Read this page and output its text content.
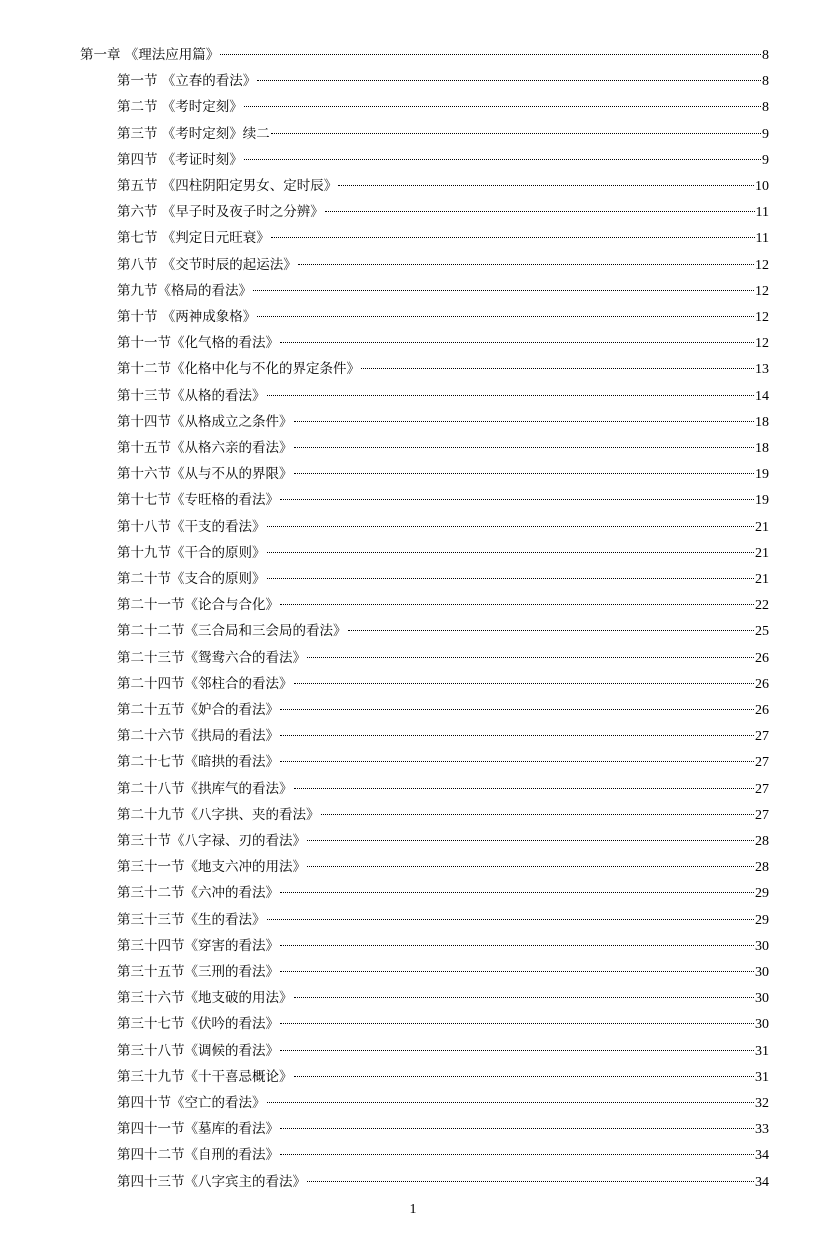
第一章 《理法应用篇》	8
第一节 《立春的看法》	8
第二节 《考时定刻》	8
第三节 《考时定刻》续二	9
第四节 《考证时刻》	9
第五节 《四柱阴阳定男女、定时辰》	10
第六节 《早子时及夜子时之分辨》	11
第七节 《判定日元旺衰》	11
第八节 《交节时辰的起运法》	12
第九节《格局的看法》	12
第十节 《两神成象格》	12
第十一节《化气格的看法》	12
第十二节《化格中化与不化的界定条件》	13
第十三节《从格的看法》	14
第十四节《从格成立之条件》	18
第十五节《从格六亲的看法》	18
第十六节《从与不从的界限》	19
第十七节《专旺格的看法》	19
第十八节《干支的看法》	21
第十九节《干合的原则》	21
第二十节《支合的原则》	21
第二十一节《论合与合化》	22
第二十二节《三合局和三会局的看法》	25
第二十三节《鸳鸯六合的看法》	26
第二十四节《邻柱合的看法》	26
第二十五节《妒合的看法》	26
第二十六节《拱局的看法》	27
第二十七节《暗拱的看法》	27
第二十八节《拱库气的看法》	27
第二十九节《八字拱、夹的看法》	27
第三十节《八字禄、刃的看法》	28
第三十一节《地支六冲的用法》	28
第三十二节《六冲的看法》	29
第三十三节《生的看法》	29
第三十四节《穿害的看法》	30
第三十五节《三刑的看法》	30
第三十六节《地支破的用法》	30
第三十七节《伏吟的看法》	30
第三十八节《调候的看法》	31
第三十九节《十干喜忌概论》	31
第四十节《空亡的看法》	32
第四十一节《墓库的看法》	33
第四十二节《自刑的看法》	34
第四十三节《八字宾主的看法》	34
1
